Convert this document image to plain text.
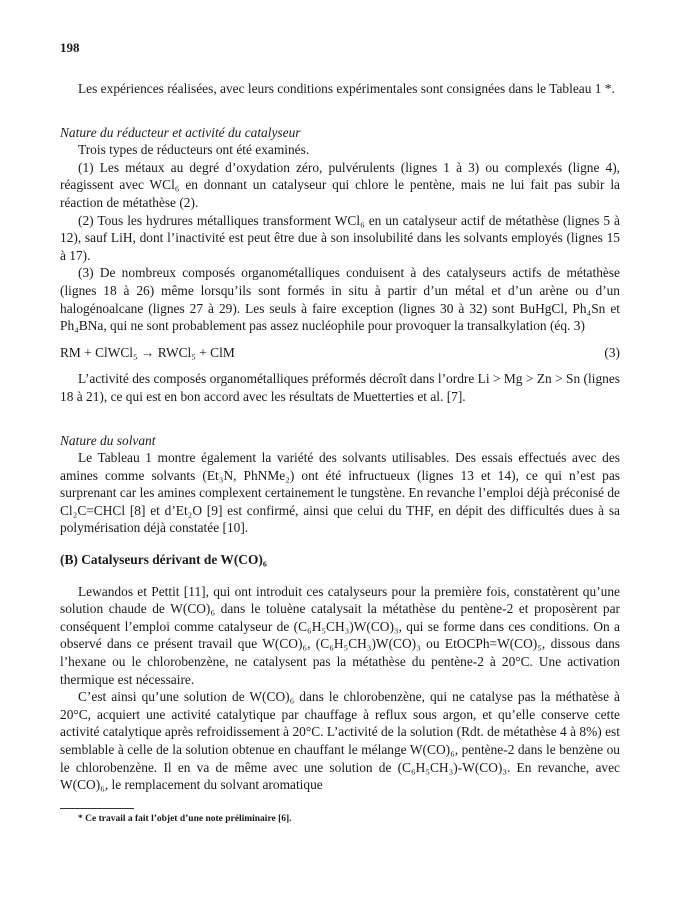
198

Les expériences réalisées, avec leurs conditions expérimentales sont consignées dans le Tableau 1 *.

Nature du réducteur et activité du catalyseur

Trois types de réducteurs ont été examinés.

(1) Les métaux au degré d’oxydation zéro, pulvérulents (lignes 1 à 3) ou complexés (ligne 4), réagissent avec WCl₆ en donnant un catalyseur qui chlore le pentène, mais ne lui fait pas subir la réaction de métathèse (2).

(2) Tous les hydrures métalliques transforment WCl₆ en un catalyseur actif de métathèse (lignes 5 à 12), sauf LiH, dont l’inactivité est peut être due à son insolubilité dans les solvants employés (lignes 15 à 17).

(3) De nombreux composés organométalliques conduisent à des catalyseurs actifs de métathèse (lignes 18 à 26) même lorsqu’ils sont formés in situ à partir d’un métal et d’un arène ou d’un halogénoalcane (lignes 27 à 29). Les seuls à faire exception (lignes 30 à 32) sont BuHgCl, Ph₄Sn et Ph₄BNa, qui ne sont probablement pas assez nucléophile pour provoquer la transalkylation (éq. 3)

RM + ClWCl₅ → RWCl₅ + ClM	(3)

L’activité des composés organométalliques préformés décroît dans l’ordre Li > Mg > Zn > Sn (lignes 18 à 21), ce qui est en bon accord avec les résultats de Muetterties et al. [7].

Nature du solvant

Le Tableau 1 montre également la variété des solvants utilisables. Des essais effectués avec des amines comme solvants (Et₃N, PhNMe₂) ont été infructueux (lignes 13 et 14), ce qui n’est pas surprenant car les amines complexent certainement le tungstène. En revanche l’emploi déjà préconisé de Cl₂C=CHCl [8] et d’Et₂O [9] est confirmé, ainsi que celui du THF, en dépit des difficultés dues à sa polymérisation déjà constatée [10].

(B) Catalyseurs dérivant de W(CO)₆

Lewandos et Pettit [11], qui ont introduit ces catalyseurs pour la première fois, constatèrent qu’une solution chaude de W(CO)₆ dans le toluène catalysait la métathèse du pentène-2 et proposèrent par conséquent l’emploi comme catalyseur de (C₆H₅CH₃)W(CO)₃, qui se forme dans ces conditions. On a observé dans ce présent travail que W(CO)₆, (C₆H₅CH₃)W(CO)₃ ou EtOCPh=W(CO)₅, dissous dans l’hexane ou le chlorobenzène, ne catalysent pas la métathèse du pentène-2 à 20°C. Une activation thermique est nécessaire.

C’est ainsi qu’une solution de W(CO)₆ dans le chlorobenzène, qui ne catalyse pas la méthatèse à 20°C, acquiert une activité catalytique par chauffage à reflux sous argon, et qu’elle conserve cette activité catalytique après refroidissement à 20°C. L’activité de la solution (Rdt. de métathèse 4 à 8%) est semblable à celle de la solution obtenue en chauffant le mélange W(CO)₆, pentène-2 dans le benzène ou le chlorobenzène. Il en va de même avec une solution de (C₆H₅CH₃)-W(CO)₃. En revanche, avec W(CO)₆, le remplacement du solvant aromatique

* Ce travail a fait l’objet d’une note préliminaire [6].
